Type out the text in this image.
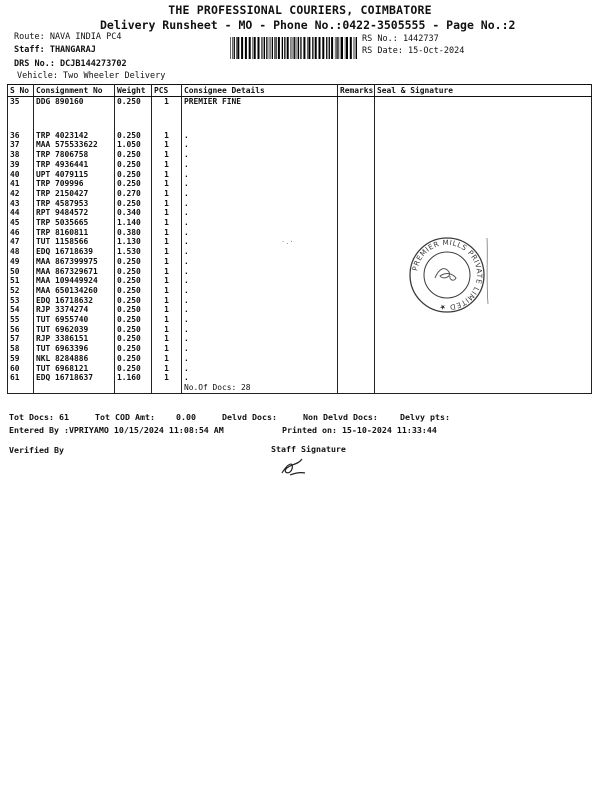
THE PROFESSIONAL COURIERS, COIMBATORE
Delivery Runsheet - MO - Phone No.:0422-3505555 - Page No.:2
Route: NAVA INDIA PC4
Staff: THANGARAJ
DRS No.: DCJB144273702
Vehicle: Two Wheeler Delivery
RS No.: 1442737
RS Date: 15-Oct-2024
S No	Consignment No	Weight	PCS	Consignee Details	Remarks	Seal & Signature
35	DDG 890160	0.250	1	PREMIER FINE		

36	TRP 4023142	0.250	1	.		
37	MAA 575533622	1.050	1	.		
38	TRP 7806758	0.250	1	.		
39	TRP 4936441	0.250	1	.		
40	UPT 4079115	0.250	1	.		
41	TRP 709996	0.250	1	.		
42	TRP 2150427	0.270	1	.		
43	TRP 4587953	0.250	1	.		
44	RPT 9484572	0.340	1	.		
45	TRP 5035665	1.140	1	.		
46	TRP 8160811	0.380	1	.		
47	TUT 1158566	1.130	1	.		
48	EDQ 16718639	1.530	1	.		
49	MAA 867399975	0.250	1	.		
50	MAA 867329671	0.250	1	.		
51	MAA 109449924	0.250	1	.		
52	MAA 650134260	0.250	1	.		
53	EDQ 16718632	0.250	1	.		
54	RJP 3374274	0.250	1	.		
55	TUT 6955740	0.250	1	.		
56	TUT 6962039	0.250	1	.		
57	RJP 3386151	0.250	1	.		
58	TUT 6963396	0.250	1	.		
59	NKL 8284886	0.250	1	.		
60	TUT 6968121	0.250	1	.		
61	EDQ 16718637	1.160	1	.		
				No.Of Docs: 28		
PREMIER MILLS PRIVATE LIMITED ★
·.·
Tot Docs: 61	Tot COD Amt:	0.00	Delvd Docs:	Non Delvd Docs:	Delvy pts:
Entered By :VPRIYAMO 10/15/2024 11:08:54 AM	Printed on: 15-10-2024 11:33:44
Verified By	Staff Signature
